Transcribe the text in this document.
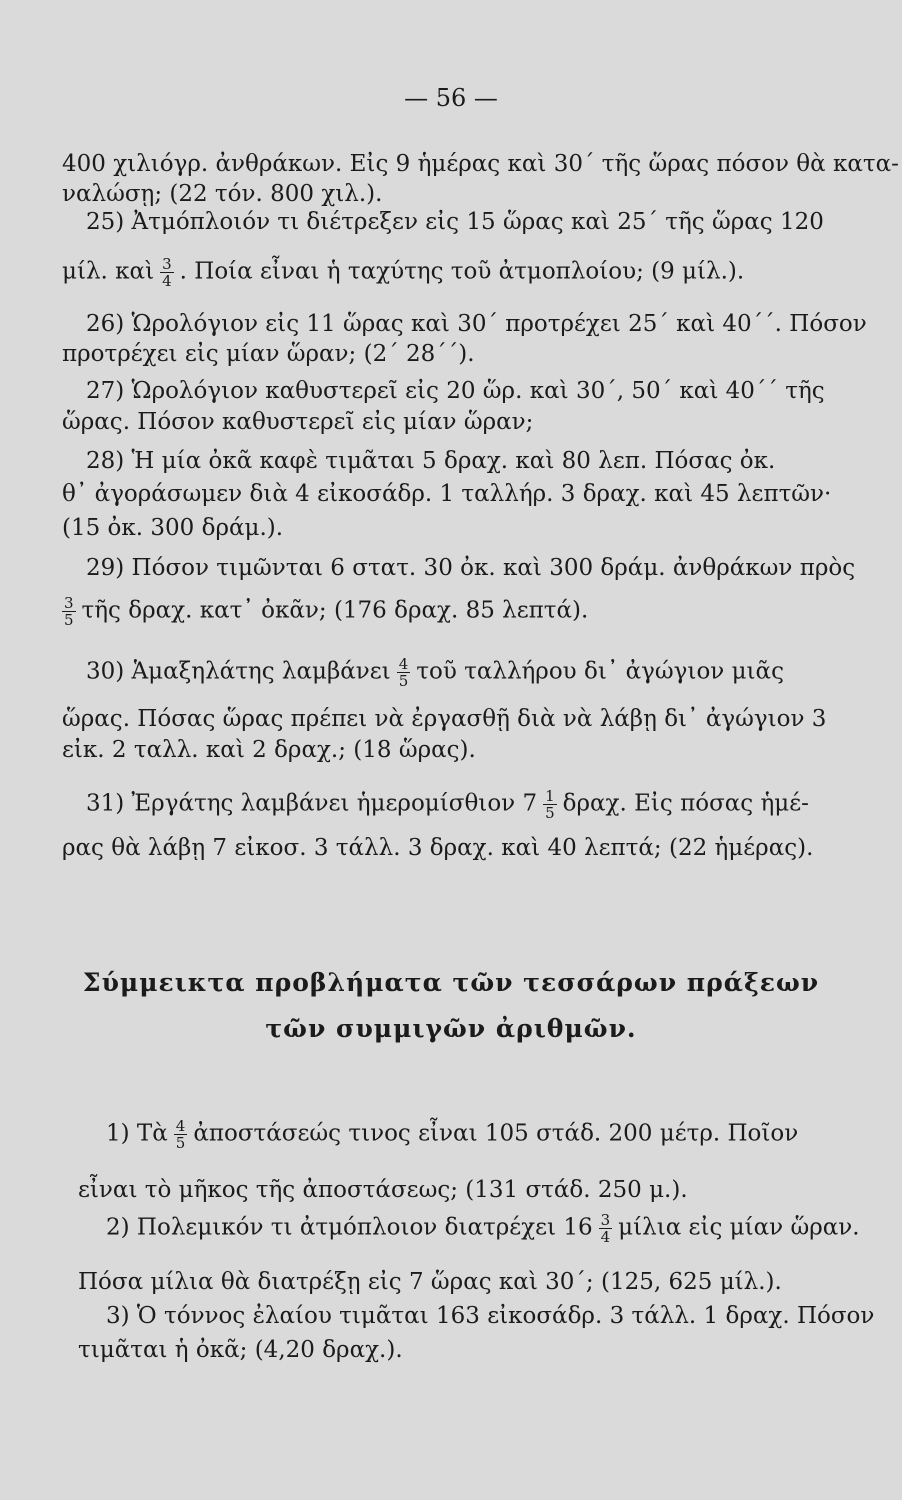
— 56 —
400 χιλιόγρ. ἀνθράκων. Εἰς 9 ἡμέρας καὶ 30΄ τῆς ὥρας πόσον θὰ κατα-
ναλώσῃ; (22 τόν. 800 χιλ.).
25) Ἀτμόπλοιόν τι διέτρεξεν εἰς 15 ὥρας καὶ 25΄ τῆς ὥρας 120
μίλ. καὶ $\frac{3}{4}$ . Ποία εἶναι ἡ ταχύτης τοῦ ἀτμοπλοίου; (9 μίλ.).
26) Ὡρολόγιον εἰς 11 ὥρας καὶ 30΄ προτρέχει 25΄ καὶ 40΄΄. Πόσον
προτρέχει εἰς μίαν ὥραν; (2΄ 28΄΄).
27) Ὡρολόγιον καθυστερεῖ εἰς 20 ὥρ. καὶ 30΄, 50΄ καὶ 40΄΄ τῆς
ὥρας. Πόσον καθυστερεῖ εἰς μίαν ὥραν;
28) Ἡ μία ὀκᾶ καφὲ τιμᾶται 5 δραχ. καὶ 80 λεπ. Πόσας ὀκ.
θ᾽ ἀγοράσωμεν διὰ 4 εἰκοσάδρ. 1 ταλλήρ. 3 δραχ. καὶ 45 λεπτῶν·
(15 ὀκ. 300 δράμ.).
29) Πόσον τιμῶνται 6 στατ. 30 ὀκ. καὶ 300 δράμ. ἀνθράκων πρὸς
$\frac{3}{5}$ τῆς δραχ. κατ᾽ ὀκᾶν; (176 δραχ. 85 λεπτά).
30) Ἁμαξηλάτης λαμβάνει $\frac{4}{5}$ τοῦ ταλλήρου δι᾽ ἀγώγιον μιᾶς
ὥρας. Πόσας ὥρας πρέπει νὰ ἐργασθῇ διὰ νὰ λάβῃ δι᾽ ἀγώγιον 3
εἰκ. 2 ταλλ. καὶ 2 δραχ.; (18 ὥρας).
31) Ἐργάτης λαμβάνει ἡμερομίσθιον $7 \frac{1}{5} \delta\rho\alpha\chi$. Εἰς πόσας ἡμέ-
ρας θὰ λάβῃ 7 εἰκοσ. 3 τάλλ. 3 δραχ. καὶ 40 λεπτά; (22 ἡμέρας).
Σύμμεικτα προβλήματα τῶν τεσσάρων πράξεων
τῶν συμμιγῶν ἀριθμῶν.
1) Τὰ $\frac{4}{5}$ ἀποστάσεώς τινος εἶναι 105 στάδ. 200 μέτρ. Ποῖον
εἶναι τὸ μῆκος τῆς ἀποστάσεως; (131 στάδ. 250 μ.).
2) Πολεμικόν τι ἀτμόπλοιον διατρέχει $16 \frac{3}{4}$ μίλια εἰς μίαν ὥραν.
Πόσα μίλια θὰ διατρέξῃ εἰς 7 ὥρας καὶ 30΄; (125, 625 μίλ.).
3) Ὁ τόννος ἐλαίου τιμᾶται 163 εἰκοσάδρ. 3 τάλλ. 1 δραχ. Πόσον
τιμᾶται ἡ ὀκᾶ; (4,20 δραχ.).
